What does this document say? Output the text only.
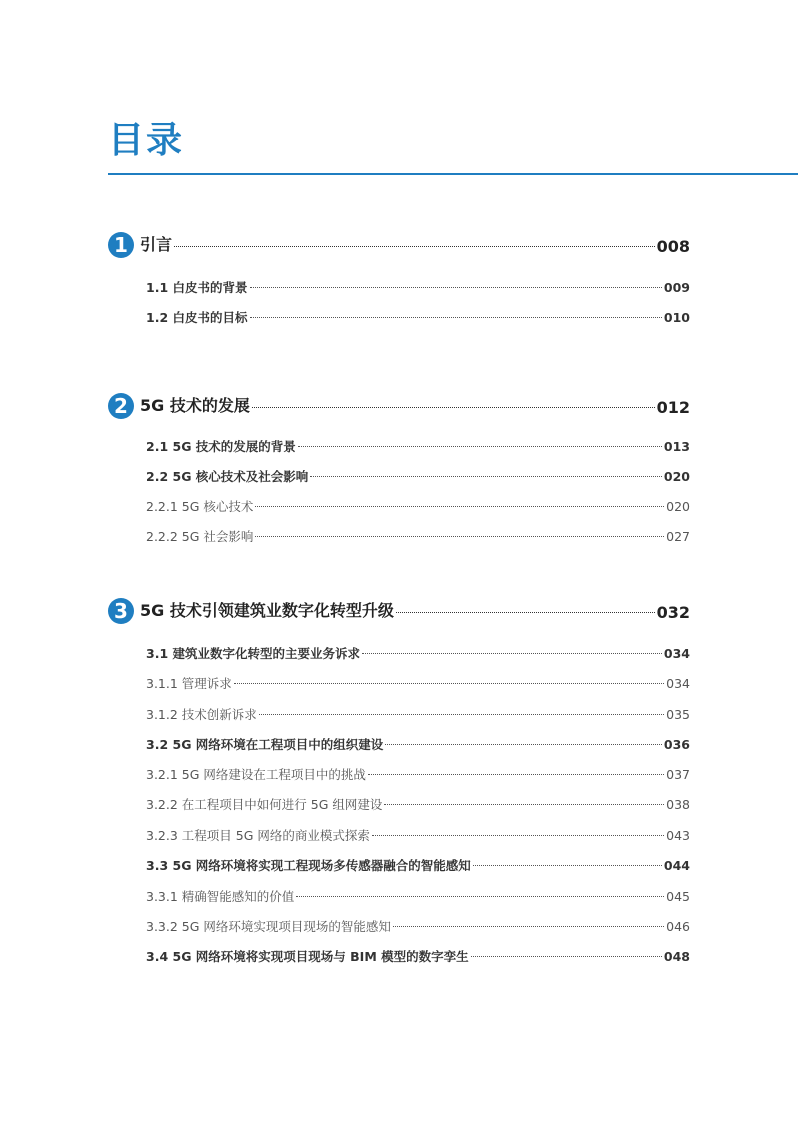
目录
1 引言	008
1.1 白皮书的背景	009
1.2 白皮书的目标	010
2 5G 技术的发展	012
2.1 5G 技术的发展的背景	013
2.2 5G 核心技术及社会影响	020
2.2.1 5G 核心技术	020
2.2.2 5G 社会影响	027
3 5G 技术引领建筑业数字化转型升级	032
3.1 建筑业数字化转型的主要业务诉求	034
3.1.1 管理诉求	034
3.1.2 技术创新诉求	035
3.2 5G 网络环境在工程项目中的组织建设	036
3.2.1 5G 网络建设在工程项目中的挑战	037
3.2.2 在工程项目中如何进行 5G 组网建设	038
3.2.3 工程项目 5G 网络的商业模式探索	043
3.3 5G 网络环境将实现工程现场多传感器融合的智能感知	044
3.3.1 精确智能感知的价值	045
3.3.2 5G 网络环境实现项目现场的智能感知	046
3.4 5G 网络环境将实现项目现场与 BIM 模型的数字孪生	048
